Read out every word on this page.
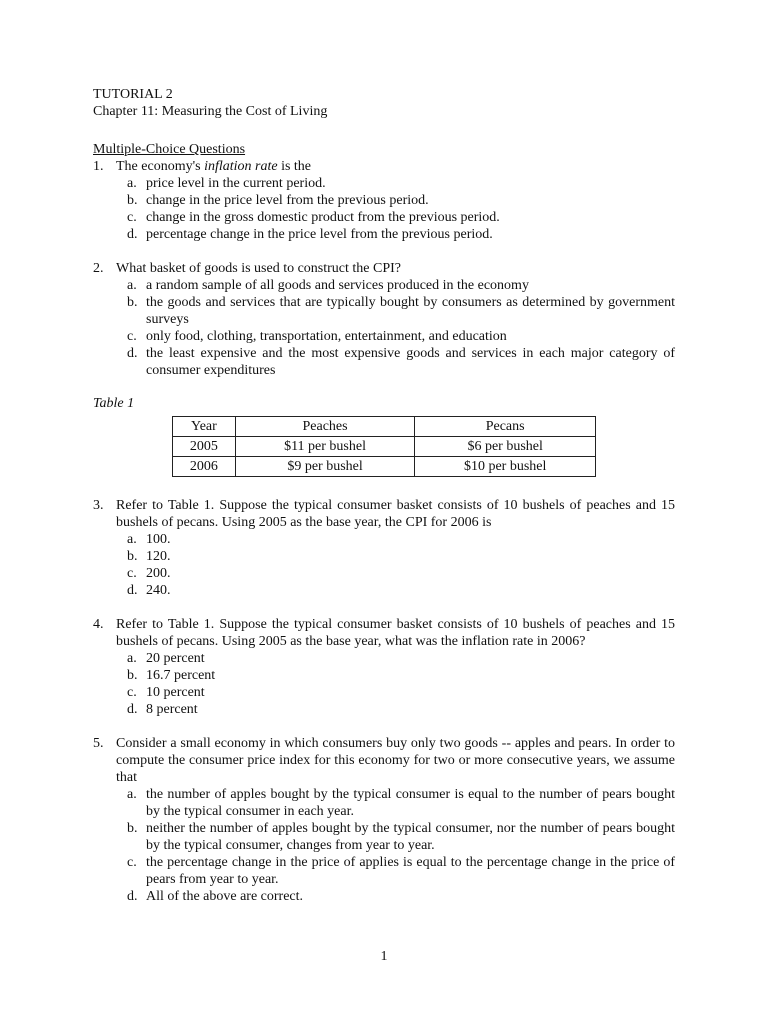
TUTORIAL 2
Chapter 11: Measuring the Cost of Living
Multiple-Choice Questions
1. The economy's inflation rate is the
a. price level in the current period.
b. change in the price level from the previous period.
c. change in the gross domestic product from the previous period.
d. percentage change in the price level from the previous period.
2. What basket of goods is used to construct the CPI?
a. a random sample of all goods and services produced in the economy
b. the goods and services that are typically bought by consumers as determined by government surveys
c. only food, clothing, transportation, entertainment, and education
d. the least expensive and the most expensive goods and services in each major category of consumer expenditures
Table 1
Year	Peaches	Pecans
2005	$11 per bushel	$6 per bushel
2006	$9 per bushel	$10 per bushel
3. Refer to Table 1. Suppose the typical consumer basket consists of 10 bushels of peaches and 15 bushels of pecans. Using 2005 as the base year, the CPI for 2006 is
a. 100.
b. 120.
c. 200.
d. 240.
4. Refer to Table 1. Suppose the typical consumer basket consists of 10 bushels of peaches and 15 bushels of pecans. Using 2005 as the base year, what was the inflation rate in 2006?
a. 20 percent
b. 16.7 percent
c. 10 percent
d. 8 percent
5. Consider a small economy in which consumers buy only two goods -- apples and pears. In order to compute the consumer price index for this economy for two or more consecutive years, we assume that
a. the number of apples bought by the typical consumer is equal to the number of pears bought by the typical consumer in each year.
b. neither the number of apples bought by the typical consumer, nor the number of pears bought by the typical consumer, changes from year to year.
c. the percentage change in the price of applies is equal to the percentage change in the price of pears from year to year.
d. All of the above are correct.
1
